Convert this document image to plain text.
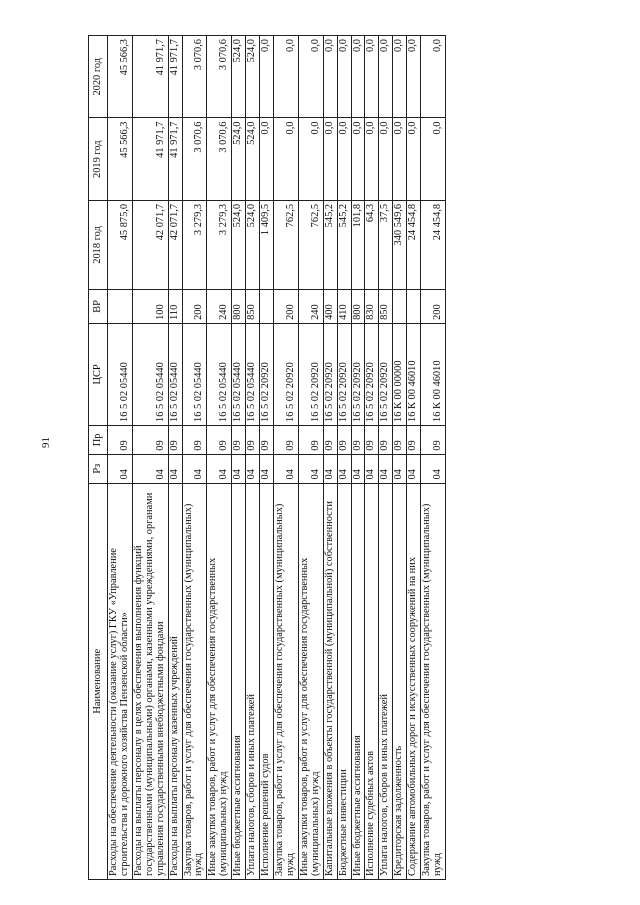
91
Наименование	Рз	Пр	ЦСР	ВР	2018 год	2019 год	2020 год
Расходы на обеспечение деятельности (оказание услуг) ГКУ «Управление строительства и дорожного хозяйства Пензенской области»	04	09	16 5 02 05440		45 875,0	45 566,3	45 566,3
Расходы на выплаты персоналу в целях обеспечения выполнения функций государственными (муниципальными) органами, казенными учреждениями, органами управления государственными внебюджетными фондами	04	09	16 5 02 05440	100	42 071,7	41 971,7	41 971,7
Расходы на выплаты персоналу казенных учреждений	04	09	16 5 02 05440	110	42 071,7	41 971,7	41 971,7
Закупка товаров, работ и услуг для обеспечения государственных (муниципальных) нужд	04	09	16 5 02 05440	200	3 279,3	3 070,6	3 070,6
Иные закупки товаров, работ и услуг для обеспечения государственных (муниципальных) нужд	04	09	16 5 02 05440	240	3 279,3	3 070,6	3 070,6
Иные бюджетные ассигнования	04	09	16 5 02 05440	800	524,0	524,0	524,0
Уплата налогов, сборов и иных платежей	04	09	16 5 02 05440	850	524,0	524,0	524,0
Исполнение решений судов	04	09	16 5 02 20920		1 409,5	0,0	0,0
Закупка товаров, работ и услуг для обеспечения государственных (муниципальных) нужд	04	09	16 5 02 20920	200	762,5	0,0	0,0
Иные закупки товаров, работ и услуг для обеспечения государственных (муниципальных) нужд	04	09	16 5 02 20920	240	762,5	0,0	0,0
Капитальные вложения в объекты государственной (муниципальной) собственности	04	09	16 5 02 20920	400	545,2	0,0	0,0
Бюджетные инвестиции	04	09	16 5 02 20920	410	545,2	0,0	0,0
Иные бюджетные ассигнования	04	09	16 5 02 20920	800	101,8	0,0	0,0
Исполнение судебных актов	04	09	16 5 02 20920	830	64,3	0,0	0,0
Уплата налогов, сборов и иных платежей	04	09	16 5 02 20920	850	37,5	0,0	0,0
Кредиторская задолженность	04	09	16 К 00 00000		340 549,6	0,0	0,0
Содержание автомобильных дорог и искусственных сооружений на них	04	09	16 К 00 46010		24 454,8	0,0	0,0
Закупка товаров, работ и услуг для обеспечения государственных (муниципальных) нужд	04	09	16 К 00 46010	200	24 454,8	0,0	0,0
